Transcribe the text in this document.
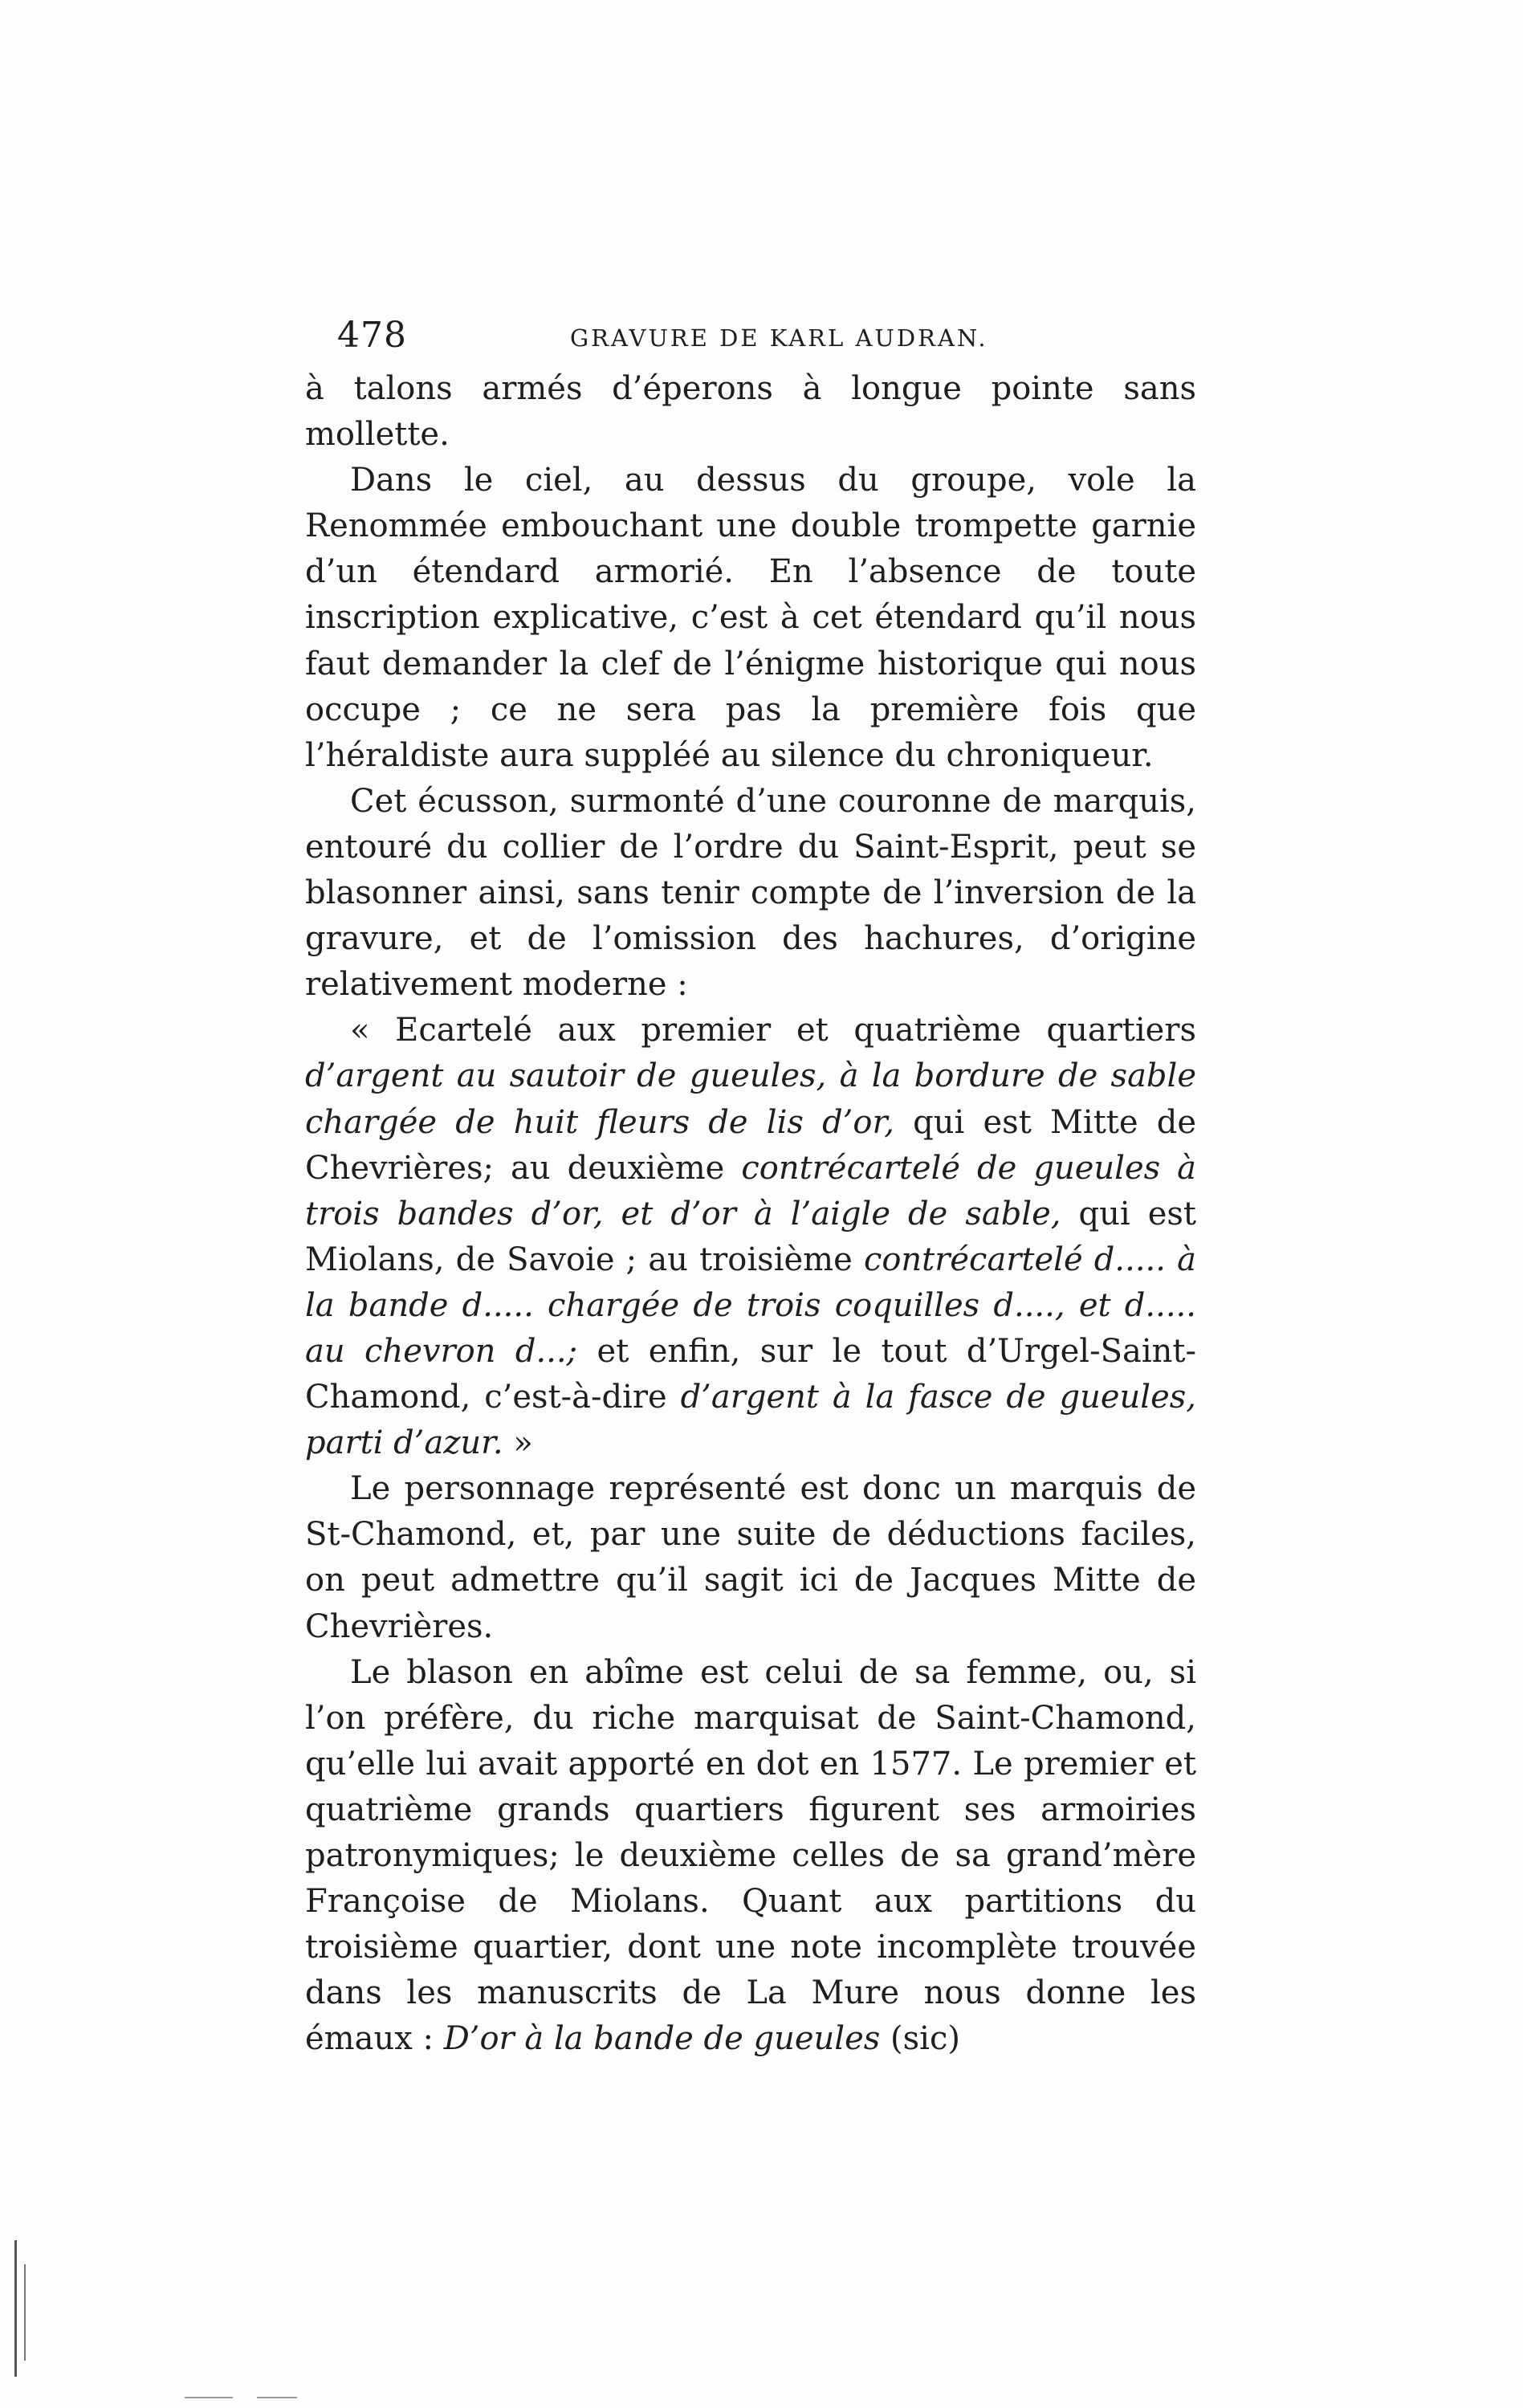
478	GRAVURE DE KARL AUDRAN.

à talons armés d’éperons à longue pointe sans mollette.

Dans le ciel, au dessus du groupe, vole la Renommée embouchant une double trompette garnie d’un étendard armorié. En l’absence de toute inscription explicative, c’est à cet étendard qu’il nous faut demander la clef de l’énigme historique qui nous occupe ; ce ne sera pas la première fois que l’héraldiste aura suppléé au silence du chroniqueur.

Cet écusson, surmonté d’une couronne de marquis, entouré du collier de l’ordre du Saint-Esprit, peut se blasonner ainsi, sans tenir compte de l’inversion de la gravure, et de l’omission des hachures, d’origine relativement moderne :

« Ecartelé aux premier et quatrième quartiers d’argent au sautoir de gueules, à la bordure de sable chargée de huit fleurs de lis d’or, qui est Mitte de Chevrières; au deuxième contrécartelé de gueules à trois bandes d’or, et d’or à l’aigle de sable, qui est Miolans, de Savoie ; au troisième contrécartelé d..... à la bande d..... chargée de trois coquilles d...., et d..... au chevron d...; et enfin, sur le tout d’Urgel-Saint-Chamond, c’est-à-dire d’argent à la fasce de gueules, parti d’azur. »

Le personnage représenté est donc un marquis de St-Chamond, et, par une suite de déductions faciles, on peut admettre qu’il sagit ici de Jacques Mitte de Chevrières.

Le blason en abîme est celui de sa femme, ou, si l’on préfère, du riche marquisat de Saint-Chamond, qu’elle lui avait apporté en dot en 1577. Le premier et quatrième grands quartiers figurent ses armoiries patronymiques; le deuxième celles de sa grand’mère Françoise de Miolans. Quant aux partitions du troisième quartier, dont une note incomplète trouvée dans les manuscrits de La Mure nous donne les émaux : D’or à la bande de gueules (sic)
